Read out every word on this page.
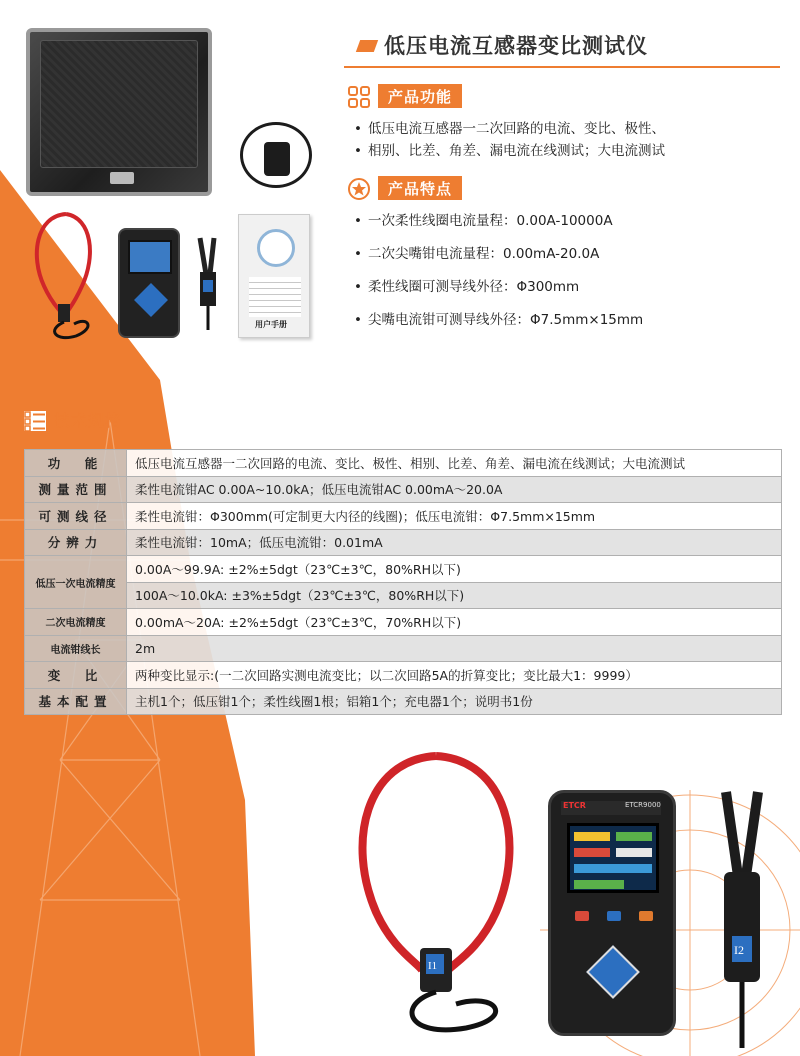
用户手册
低压电流互感器变比测试仪
产品功能
• 低压电流互感器一二次回路的电流、变比、极性、
• 相别、比差、角差、漏电流在线测试；大电流测试
产品特点
• 一次柔性线圈电流量程：0.00A-10000A
• 二次尖嘴钳电流量程：0.00mA-20.0A
• 柔性线圈可测导线外径：Φ300mm
• 尖嘴电流钳可测导线外径：Φ7.5mm×15mm
技术规格
功　能	低压电流互感器一二次回路的电流、变比、极性、相别、比差、角差、漏电流在线测试；大电流测试
测量范围	柔性电流钳AC 0.00A~10.0kA；低压电流钳AC 0.00mA～20.0A
可测线径	柔性电流钳：Φ300mm(可定制更大内径的线圈)；低压电流钳：Φ7.5mm×15mm
分辨力	柔性电流钳：10mA；低压电流钳：0.01mA
低压一次电流精度	0.00A～99.9A: ±2%±5dgt（23℃±3℃，80%RH以下)
	100A～10.0kA: ±3%±5dgt（23℃±3℃，80%RH以下)
二次电流精度	0.00mA～20A: ±2%±5dgt（23℃±3℃，70%RH以下)
电流钳线长	2m
变　比	两种变比显示:(一二次回路实测电流变比；以二次回路5A的折算变比；变比最大1：9999）
基本配置	主机1个；低压钳1个；柔性线圈1根；铝箱1个；充电器1个；说明书1份
I1
ETCR	ETCR9000
I2
